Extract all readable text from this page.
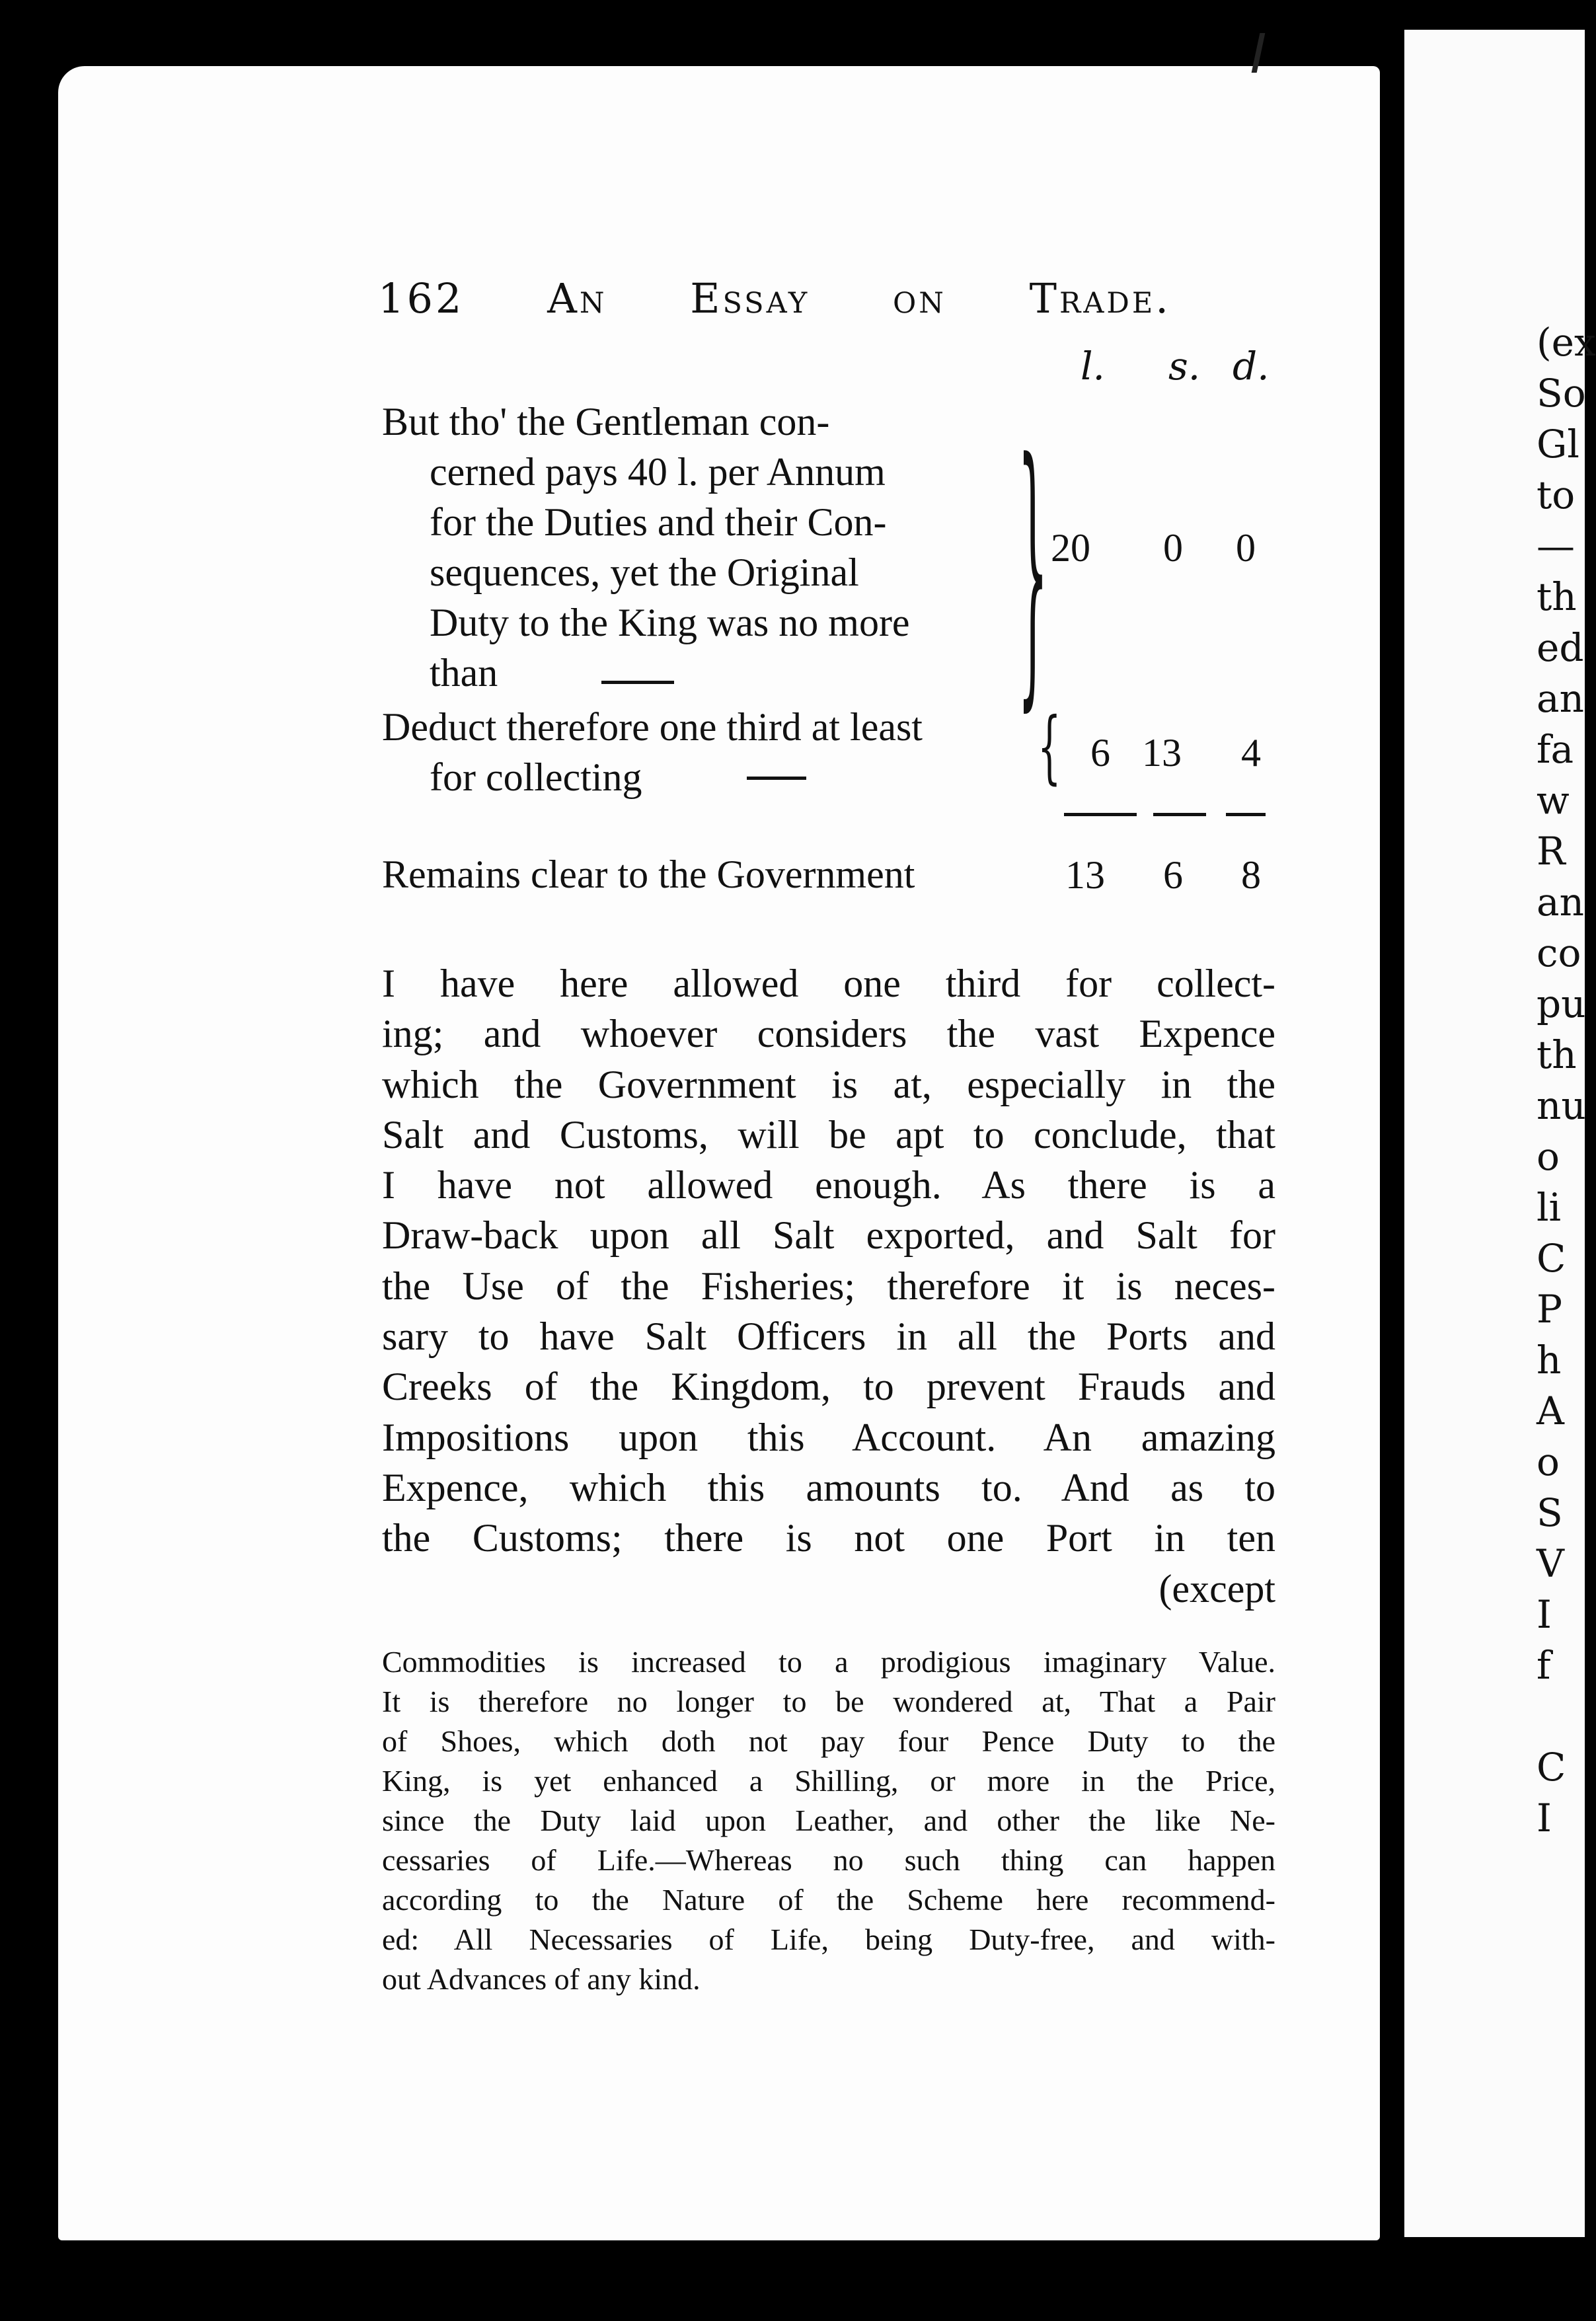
(ex
So
Gl
to
—
th
ed
an
fa
w
R
an
co
pu
th
nu
o
li
C
P
h
A
o
S
V
I
f

C
I
162 An Essay on Trade.
l. s. d.
But tho' the Gentleman con-
cerned pays 40 l. per Annum
for the Duties and their Con-
sequences, yet the Original
Duty to the King was no more
than	} 20 0 0
Deduct therefore one third at least
for collecting	{ 6 13 4
Remains clear to the Government	13 6 8
I have here allowed one third for collect-
ing; and whoever considers the vast Expence
which the Government is at, especially in the
Salt and Customs, will be apt to conclude, that
I have not allowed enough. As there is a
Draw-back upon all Salt exported, and Salt for
the Use of the Fisheries; therefore it is neces-
sary to have Salt Officers in all the Ports and
Creeks of the Kingdom, to prevent Frauds and
Impositions upon this Account. An amazing
Expence, which this amounts to. And as to
the Customs; there is not one Port in ten
(except
Commodities is increased to a prodigious imaginary Value.
It is therefore no longer to be wondered at, That a Pair
of Shoes, which doth not pay four Pence Duty to the
King, is yet enhanced a Shilling, or more in the Price,
since the Duty laid upon Leather, and other the like Ne-
cessaries of Life.—Whereas no such thing can happen
according to the Nature of the Scheme here recommend-
ed: All Necessaries of Life, being Duty-free, and with-
out Advances of any kind.
